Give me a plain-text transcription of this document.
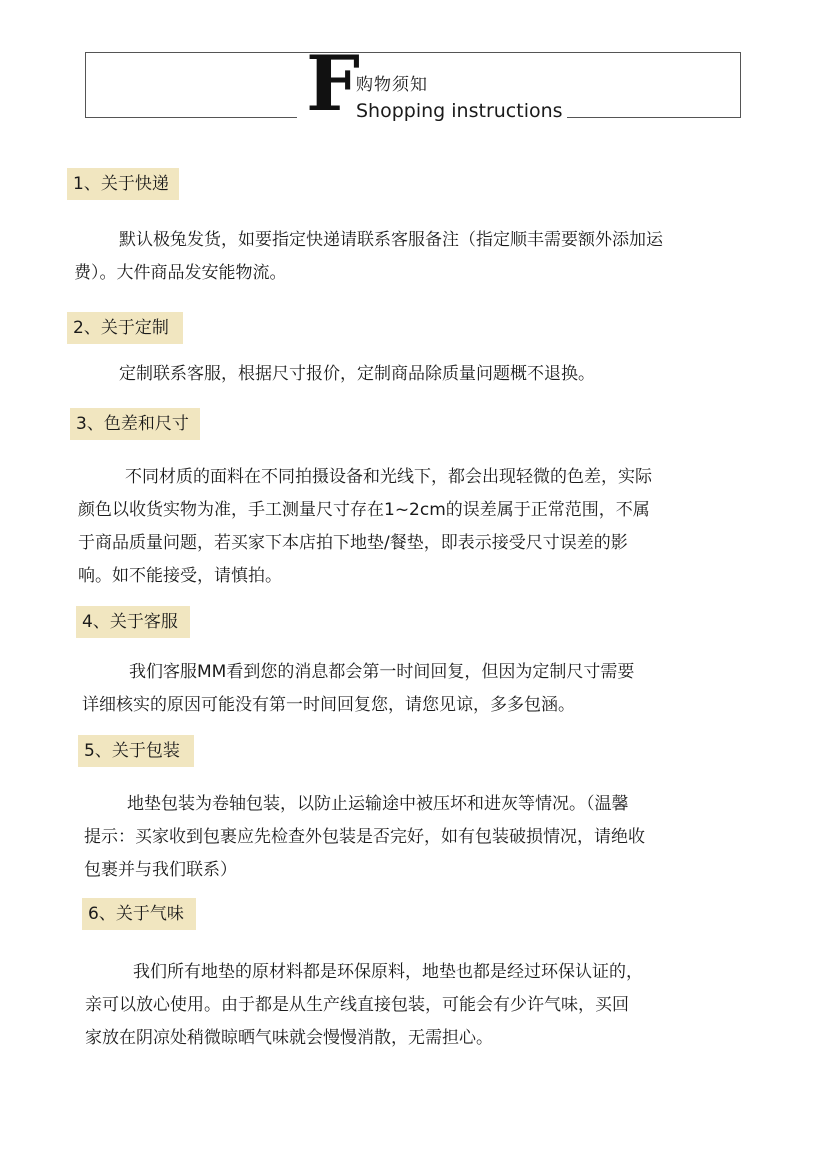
F
购物须知
Shopping instructions
1、关于快递
默认极兔发货，如要指定快递请联系客服备注（指定顺丰需要额外添加运
费）。大件商品发安能物流。
2、关于定制
定制联系客服，根据尺寸报价，定制商品除质量问题概不退换。
3、色差和尺寸
不同材质的面料在不同拍摄设备和光线下，都会出现轻微的色差，实际
颜色以收货实物为准，手工测量尺寸存在1~2cm的误差属于正常范围，不属
于商品质量问题，若买家下本店拍下地垫/餐垫，即表示接受尺寸误差的影
响。如不能接受，请慎拍。
4、关于客服
我们客服MM看到您的消息都会第一时间回复，但因为定制尺寸需要
详细核实的原因可能没有第一时间回复您，请您见谅，多多包涵。
5、关于包装
地垫包装为卷轴包装，以防止运输途中被压坏和进灰等情况。（温馨
提示：买家收到包裹应先检查外包装是否完好，如有包装破损情况，请绝收
包裹并与我们联系）
6、关于气味
我们所有地垫的原材料都是环保原料，地垫也都是经过环保认证的，
亲可以放心使用。由于都是从生产线直接包装，可能会有少许气味，买回
家放在阴凉处稍微晾晒气味就会慢慢消散，无需担心。
